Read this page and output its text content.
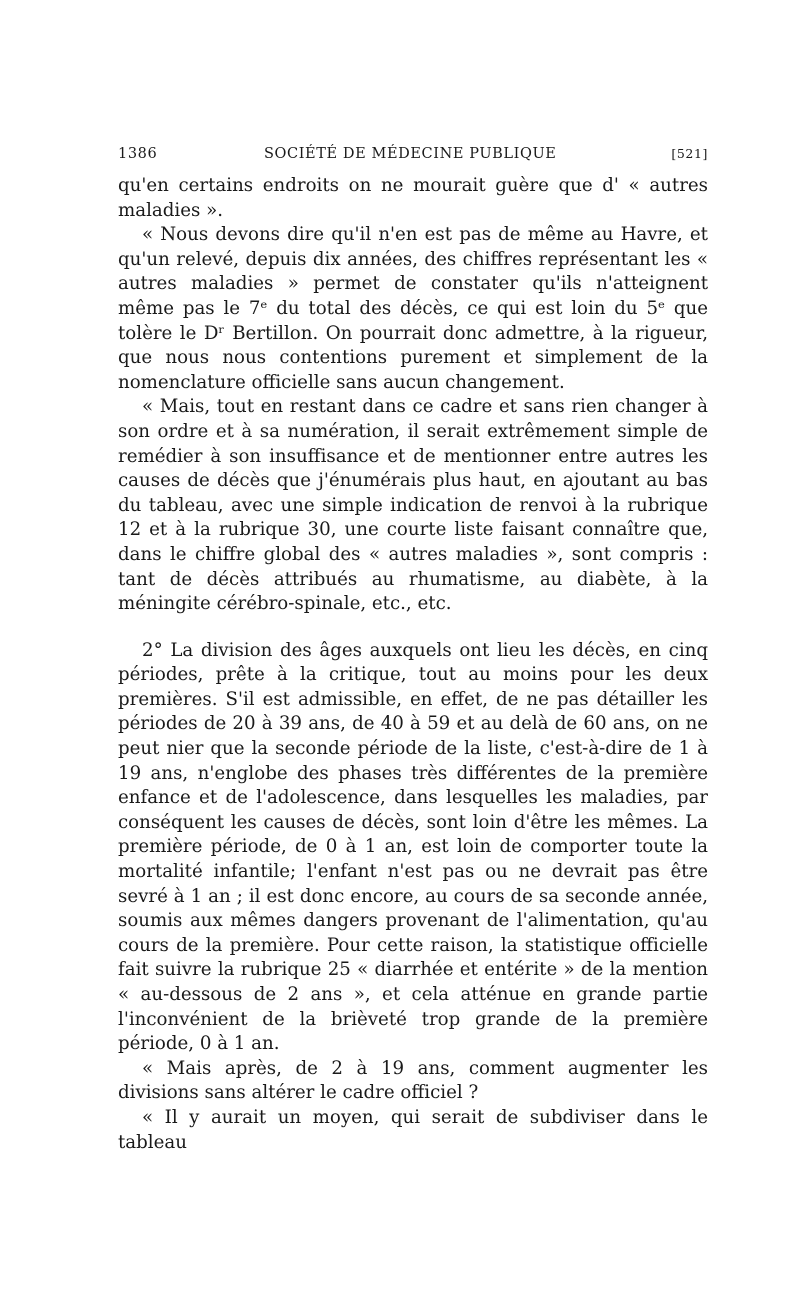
1386	SOCIÉTÉ DE MÉDECINE PUBLIQUE	[521]

qu'en certains endroits on ne mourait guère que d' « autres maladies ».

« Nous devons dire qu'il n'en est pas de même au Havre, et qu'un relevé, depuis dix années, des chiffres représentant les « autres maladies » permet de constater qu'ils n'atteignent même pas le 7ᵉ du total des décès, ce qui est loin du 5ᵉ que tolère le Dʳ Bertillon. On pourrait donc admettre, à la rigueur, que nous nous contentions purement et simplement de la nomenclature officielle sans aucun changement.

« Mais, tout en restant dans ce cadre et sans rien changer à son ordre et à sa numération, il serait extrêmement simple de remédier à son insuffisance et de mentionner entre autres les causes de décès que j'énumérais plus haut, en ajoutant au bas du tableau, avec une simple indication de renvoi à la rubrique 12 et à la rubrique 30, une courte liste faisant connaître que, dans le chiffre global des « autres maladies », sont compris : tant de décès attribués au rhumatisme, au diabète, à la méningite cérébro-spinale, etc., etc.

2° La division des âges auxquels ont lieu les décès, en cinq périodes, prête à la critique, tout au moins pour les deux premières. S'il est admissible, en effet, de ne pas détailler les périodes de 20 à 39 ans, de 40 à 59 et au delà de 60 ans, on ne peut nier que la seconde période de la liste, c'est-à-dire de 1 à 19 ans, n'englobe des phases très différentes de la première enfance et de l'adolescence, dans lesquelles les maladies, par conséquent les causes de décès, sont loin d'être les mêmes. La première période, de 0 à 1 an, est loin de comporter toute la mortalité infantile; l'enfant n'est pas ou ne devrait pas être sevré à 1 an ; il est donc encore, au cours de sa seconde année, soumis aux mêmes dangers provenant de l'alimentation, qu'au cours de la première. Pour cette raison, la statistique officielle fait suivre la rubrique 25 « diarrhée et entérite » de la mention « au-dessous de 2 ans », et cela atténue en grande partie l'inconvénient de la brièveté trop grande de la première période, 0 à 1 an.

« Mais après, de 2 à 19 ans, comment augmenter les divisions sans altérer le cadre officiel ?

« Il y aurait un moyen, qui serait de subdiviser dans le tableau
